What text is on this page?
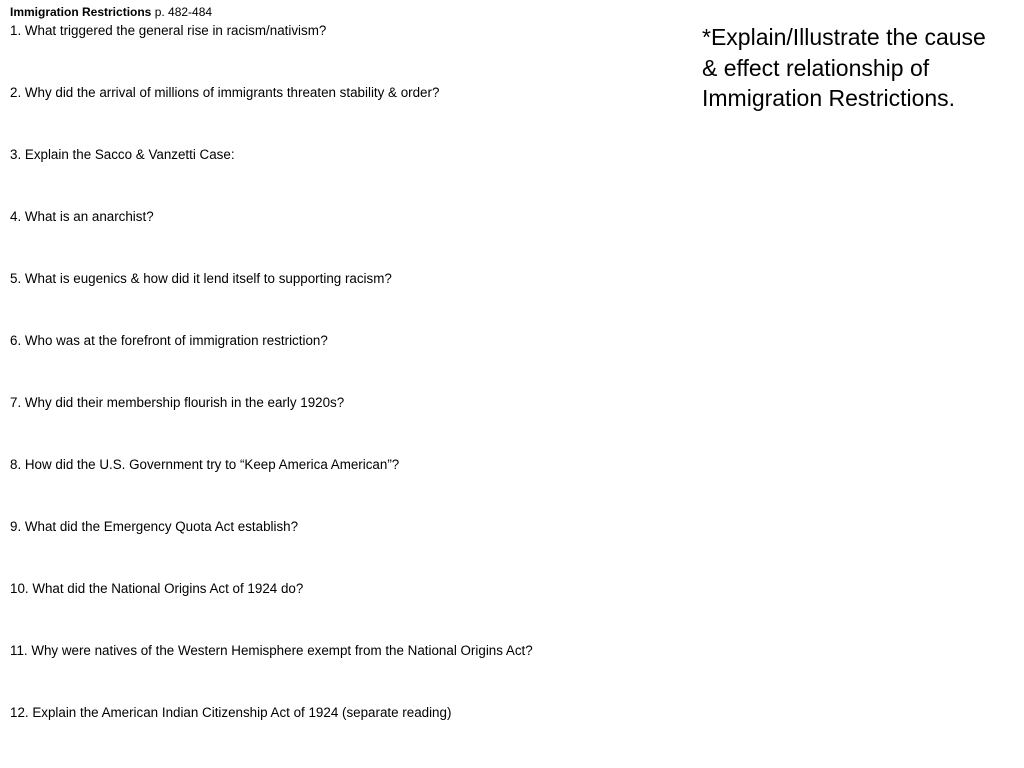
Immigration Restrictions p. 482-484
1. What triggered the general rise in racism/nativism?
2. Why did the arrival of millions of immigrants threaten stability & order?
3. Explain the Sacco & Vanzetti Case:
4. What is an anarchist?
5. What is eugenics & how did it lend itself to supporting racism?
6. Who was at the forefront of immigration restriction?
7. Why did their membership flourish in the early 1920s?
8. How did the U.S. Government try to “Keep America American”?
9. What did the Emergency Quota Act establish?
10. What did the National Origins Act of 1924 do?
11. Why were natives of the Western Hemisphere exempt from the National Origins Act?
12. Explain the American Indian Citizenship Act of 1924 (separate reading)
*Explain/Illustrate the cause & effect relationship of Immigration Restrictions.
